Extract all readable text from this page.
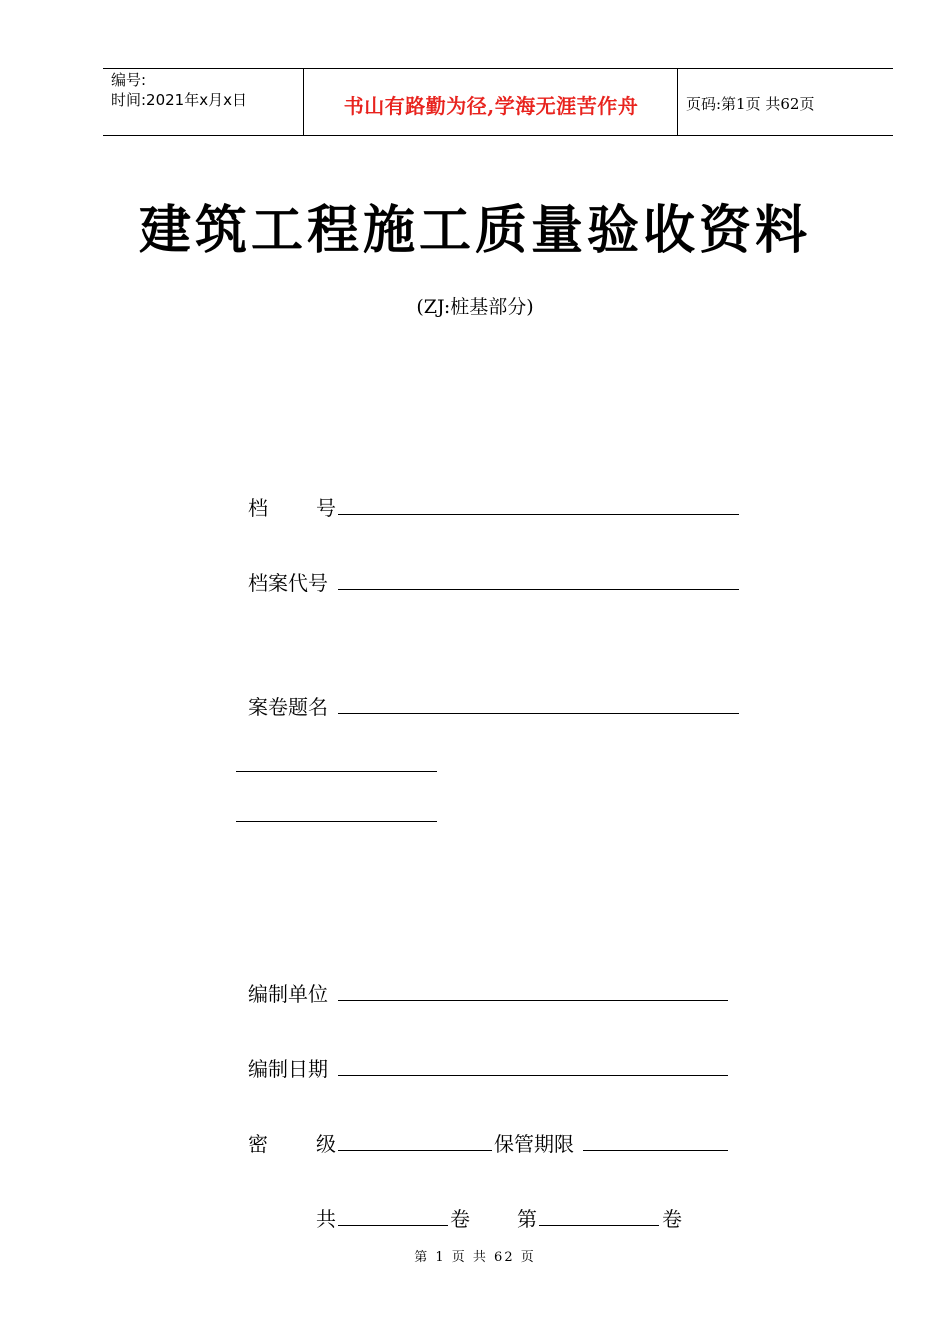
编号:
时间:2021年x月x日	书山有路勤为径,学海无涯苦作舟	页码:第1页 共62页
建筑工程施工质量验收资料
(ZJ:桩基部分)
档 号
档案代号
案卷题名
编制单位
编制日期
密 级	保管期限
共	卷 第	卷
第 1 页 共 62 页
